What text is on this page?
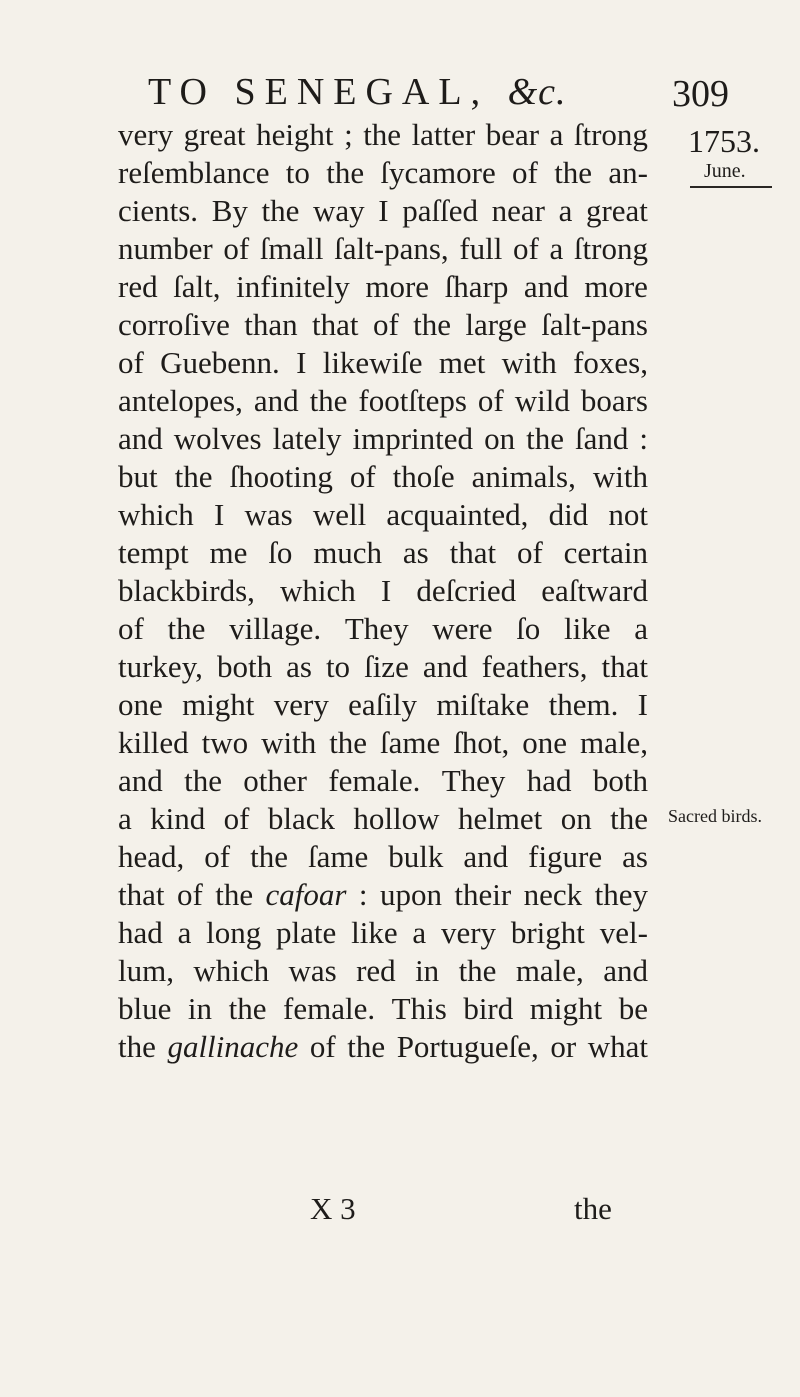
TO SENEGAL, &c.	309
1753.
June.
Sacred birds.
very great height ; the latter bear a ſtrong
reſemblance to the ſycamore of the an-
cients. By the way I paſſed near a great
number of ſmall ſalt-pans, full of a ſtrong
red ſalt, infinitely more ſharp and more
corroſive than that of the large ſalt-pans
of Guebenn. I likewiſe met with foxes,
antelopes, and the footſteps of wild boars
and wolves lately imprinted on the ſand :
but the ſhooting of thoſe animals, with
which I was well acquainted, did not
tempt me ſo much as that of certain
blackbirds, which I deſcried eaſtward
of the village. They were ſo like a
turkey, both as to ſize and feathers, that
one might very eaſily miſtake them. I
killed two with the ſame ſhot, one male,
and the other female. They had both
a kind of black hollow helmet on the
head, of the ſame bulk and figure as
that of the cafoar : upon their neck they
had a long plate like a very bright vel-
lum, which was red in the male, and
blue in the female. This bird might be
the gallinache of the Portugueſe, or what
X 3	the
